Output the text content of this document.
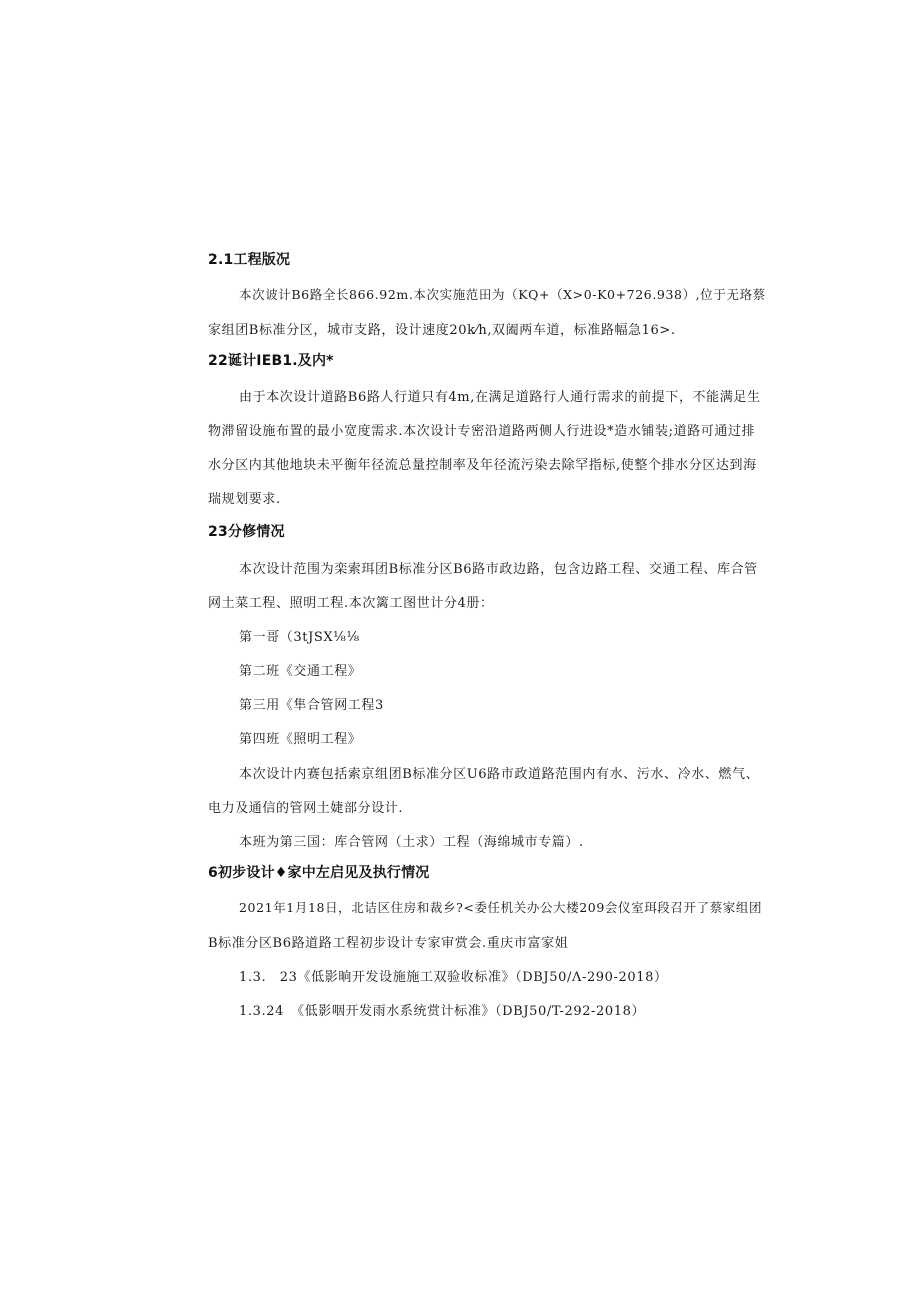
2.1工程版况
本次诐计B6路全长866.92m.本次实施范田为（KQ+（X>0-K0+726.938）,位于无珞蔡
家组团B标准分区，城市支路，设计速度20k⁄h,双阖两车道，标准路幅急16>.
22诞计IEB1.及内*
由于本次设计道路B6路人行道只有4m,在满足道路行人通行需求的前提下，不能满足生
物滞留设施布置的最小宽度需求.本次设计专密沿道路两侧人行进设*造水铺装;道路可通过排
水分区内其他地块未平衡年径流总量控制率及年径流污染去除罕指标,使整个排水分区达到海
瑞规划要求.
23分修情况
本次设计范围为栾索珥团B标准分区B6路市政边路，包含边路工程、交通工程、库合管
网土菜工程、照明工程.本次篱工图世计分4册：
第一哥（3tJSX⅛⅛
第二班《交通工程》
第三用《隼合管网工程3
第四班《照明工程》
本次设计内赛包括索京组团B标准分区U6路市政道路范围内有水、污水、冷水、燃气、
电力及通信的管网土婕部分设计.
本班为第三国：库合管网（土求）工程（海绵城市专篇）.
6初步设计♦家中左启见及执行情况
2021年1月18日，北诘区住房和裁乡?<委任机关办公大楼209会仪室珥段召开了蔡家组团
B标准分区B6路道路工程初步设计专家审赏会.重庆市富家姐
1.3.　23《低影晌开发设施施工双验收标准》（DBJ50∕Λ-290-2018）
1.3.24　《低影咽开发雨水系统赏计标准》（DBJ50/T-292-2018）
